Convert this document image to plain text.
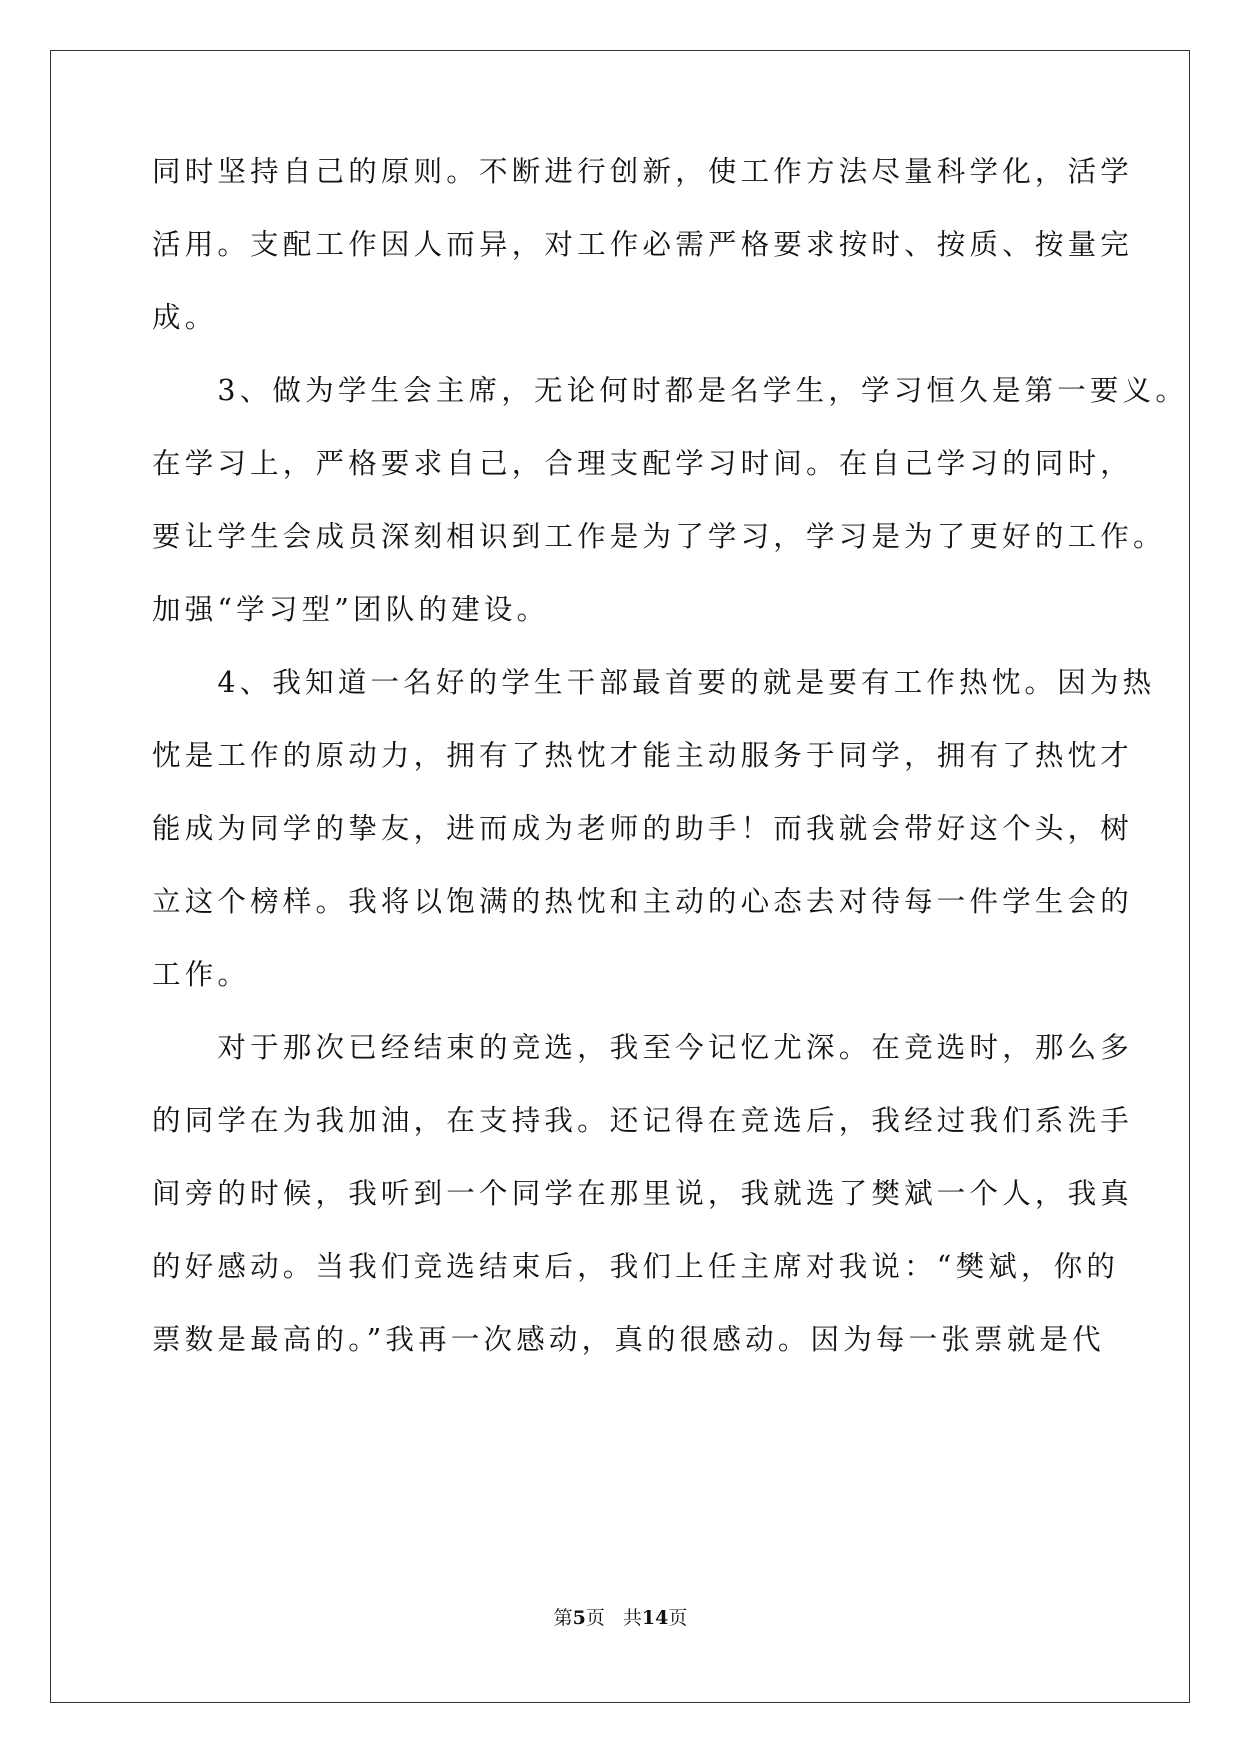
同时坚持自己的原则。不断进行创新，使工作方法尽量科学化，活学
活用。支配工作因人而异，对工作必需严格要求按时、按质、按量完
成。
　　3、做为学生会主席，无论何时都是名学生，学习恒久是第一要义。
在学习上，严格要求自己，合理支配学习时间。在自己学习的同时，
要让学生会成员深刻相识到工作是为了学习，学习是为了更好的工作。
加强“学习型”团队的建设。
　　4、我知道一名好的学生干部最首要的就是要有工作热忱。因为热
忱是工作的原动力，拥有了热忱才能主动服务于同学，拥有了热忱才
能成为同学的挚友，进而成为老师的助手！而我就会带好这个头，树
立这个榜样。我将以饱满的热忱和主动的心态去对待每一件学生会的
工作。
　　对于那次已经结束的竞选，我至今记忆尤深。在竞选时，那么多
的同学在为我加油，在支持我。还记得在竞选后，我经过我们系洗手
间旁的时候，我听到一个同学在那里说，我就选了樊斌一个人，我真
的好感动。当我们竞选结束后，我们上任主席对我说：“樊斌，你的
票数是最高的。”我再一次感动，真的很感动。因为每一张票就是代
第5页 共14页
